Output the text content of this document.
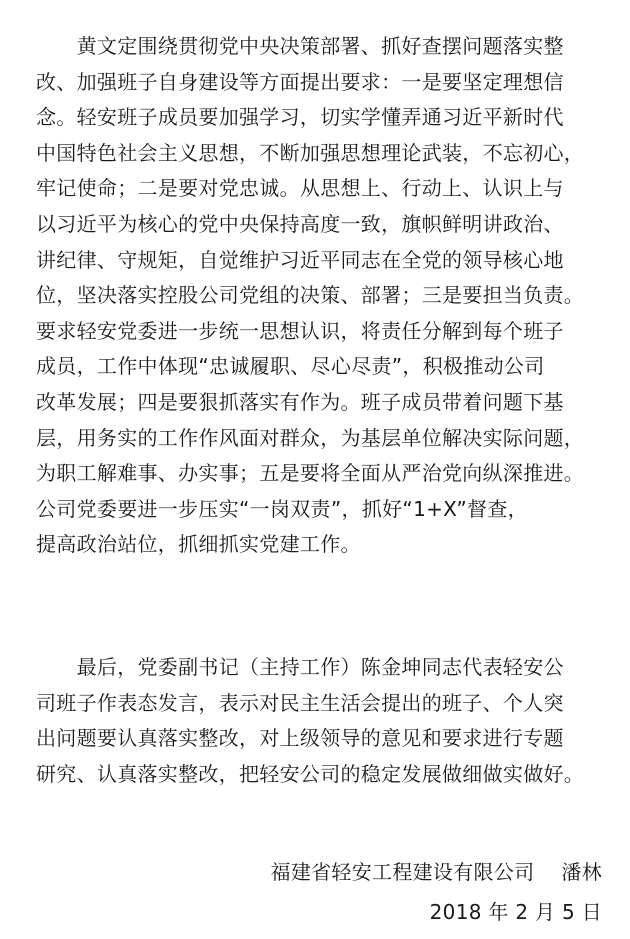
　　黄文定围绕贯彻党中央决策部署、抓好查摆问题落实整
改、加强班子自身建设等方面提出要求：一是要坚定理想信
念。轻安班子成员要加强学习，切实学懂弄通习近平新时代
中国特色社会主义思想，不断加强思想理论武装，不忘初心，
牢记使命；二是要对党忠诚。从思想上、行动上、认识上与
以习近平为核心的党中央保持高度一致，旗帜鲜明讲政治、
讲纪律、守规矩，自觉维护习近平同志在全党的领导核心地
位，坚决落实控股公司党组的决策、部署；三是要担当负责。
要求轻安党委进一步统一思想认识，将责任分解到每个班子
成员，工作中体现“忠诚履职、尽心尽责”，积极推动公司
改革发展；四是要狠抓落实有作为。班子成员带着问题下基
层，用务实的工作作风面对群众，为基层单位解决实际问题，
为职工解难事、办实事；五是要将全面从严治党向纵深推进。
公司党委要进一步压实“一岗双责”，抓好“1+X”督查，
提高政治站位，抓细抓实党建工作。

　　最后，党委副书记（主持工作）陈金坤同志代表轻安公
司班子作表态发言，表示对民主生活会提出的班子、个人突
出问题要认真落实整改，对上级领导的意见和要求进行专题
研究、认真落实整改，把轻安公司的稳定发展做细做实做好。

福建省轻安工程建设有限公司　 潘林

2018 年 2 月 5 日
